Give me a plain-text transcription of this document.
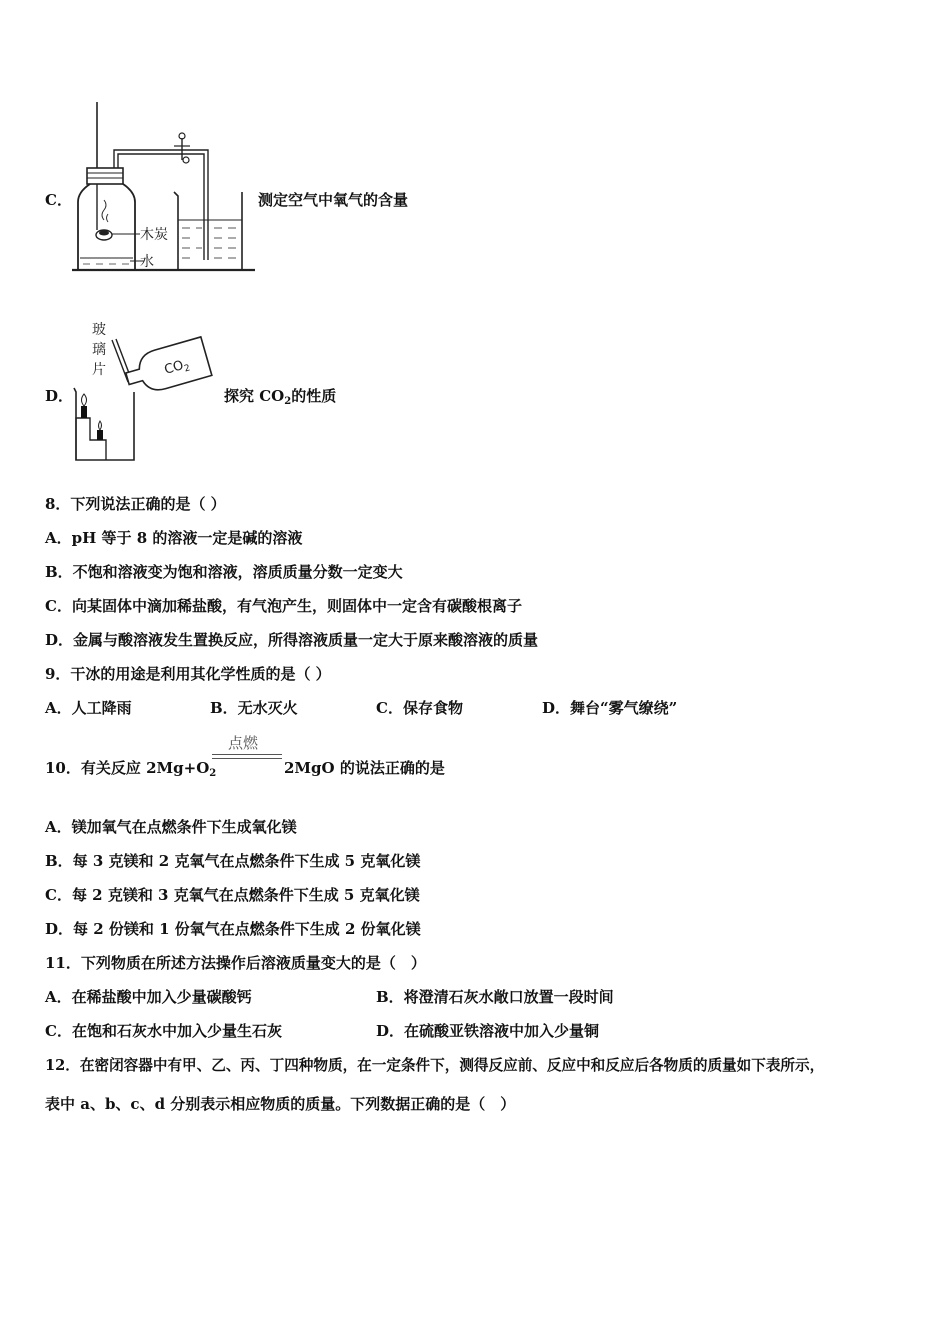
C．
木炭
水
测定空气中氧气的含量
D．
玻
璃
片	$CO_2$
探究 $CO_2$的性质
8．下列说法正确的是（ ）
A．pH 等于 8 的溶液一定是碱的溶液
B．不饱和溶液变为饱和溶液，溶质质量分数一定变大
C．向某固体中滴加稀盐酸，有气泡产生，则固体中一定含有碳酸根离子
D．金属与酸溶液发生置换反应，所得溶液质量一定大于原来酸溶液的质量
9．干冰的用途是利用其化学性质的是（ ）
A．人工降雨	B．无水灭火	C．保存食物	D．舞台“雾气缭绕”
10．有关反应 $2Mg+O_2$
点燃
2MgO 的说法正确的是
A．镁加氧气在点燃条件下生成氧化镁
B．每 3 克镁和 2 克氧气在点燃条件下生成 5 克氧化镁
C．每 2 克镁和 3 克氧气在点燃条件下生成 5 克氧化镁
D．每 2 份镁和 1 份氧气在点燃条件下生成 2 份氧化镁
11．下列物质在所述方法操作后溶液质量变大的是（　）
A．在稀盐酸中加入少量碳酸钙	B．将澄清石灰水敞口放置一段时间
C．在饱和石灰水中加入少量生石灰	D．在硫酸亚铁溶液中加入少量铜
12．在密闭容器中有甲、乙、丙、丁四种物质，在一定条件下，测得反应前、反应中和反应后各物质的质量如下表所示，
表中 a、b、c、d 分别表示相应物质的质量。下列数据正确的是（　）
